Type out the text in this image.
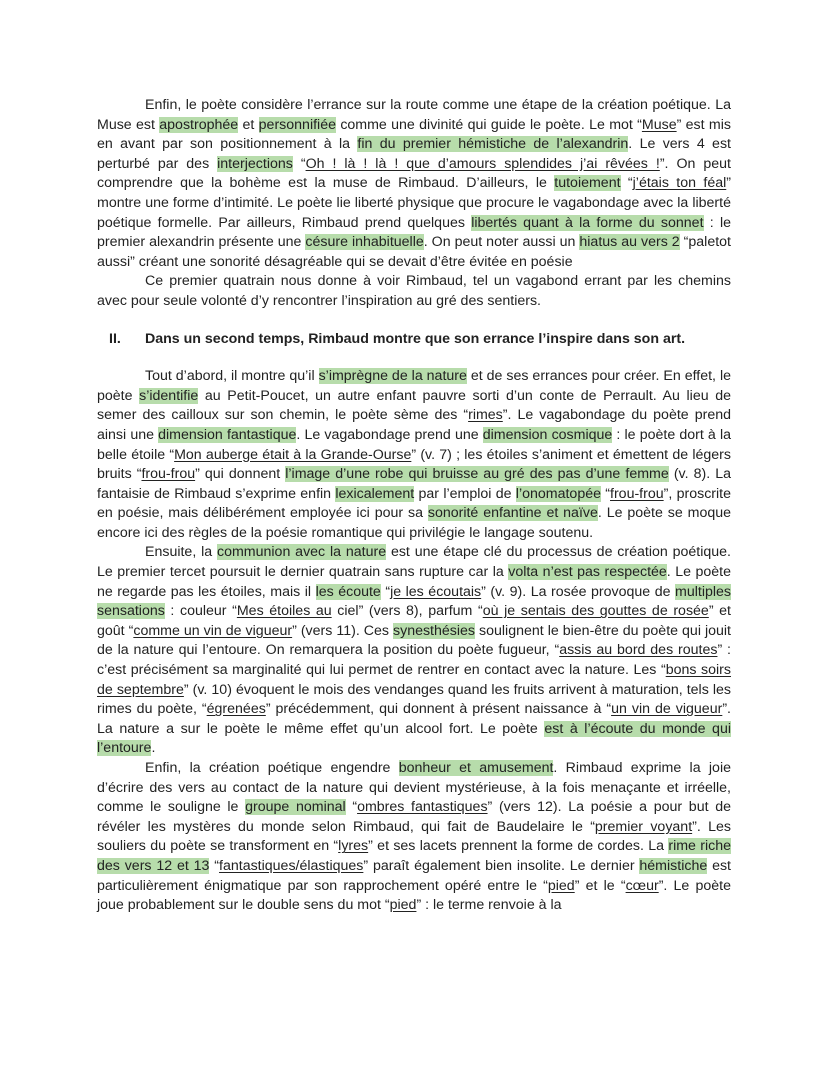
Enfin, le poète considère l’errance sur la route comme une étape de la création poétique. La Muse est apostrophée et personnifiée comme une divinité qui guide le poète. Le mot “Muse” est mis en avant par son positionnement à la fin du premier hémistiche de l’alexandrin. Le vers 4 est perturbé par des interjections “Oh ! là ! là ! que d’amours splendides j’ai rêvées !”. On peut comprendre que la bohème est la muse de Rimbaud. D’ailleurs, le tutoiement “j’étais ton féal” montre une forme d’intimité. Le poète lie liberté physique que procure le vagabondage avec la liberté poétique formelle. Par ailleurs, Rimbaud prend quelques libertés quant à la forme du sonnet : le premier alexandrin présente une césure inhabituelle. On peut noter aussi un hiatus au vers 2 “paletot aussi” créant une sonorité désagréable qui se devait d’être évitée en poésie

Ce premier quatrain nous donne à voir Rimbaud, tel un vagabond errant par les chemins avec pour seule volonté d’y rencontrer l’inspiration au gré des sentiers.

II.	Dans un second temps, Rimbaud montre que son errance l’inspire dans son art.

Tout d’abord, il montre qu’il s’imprègne de la nature et de ses errances pour créer. En effet, le poète s’identifie au Petit-Poucet, un autre enfant pauvre sorti d’un conte de Perrault. Au lieu de semer des cailloux sur son chemin, le poète sème des “rimes”. Le vagabondage du poète prend ainsi une dimension fantastique. Le vagabondage prend une dimension cosmique : le poète dort à la belle étoile “Mon auberge était à la Grande-Ourse” (v. 7) ; les étoiles s’animent et émettent de légers bruits “frou-frou” qui donnent l’image d’une robe qui bruisse au gré des pas d’une femme (v. 8). La fantaisie de Rimbaud s’exprime enfin lexicalement par l’emploi de l’onomatopée “frou-frou”, proscrite en poésie, mais délibérément employée ici pour sa sonorité enfantine et naïve. Le poète se moque encore ici des règles de la poésie romantique qui privilégie le langage soutenu.

Ensuite, la communion avec la nature est une étape clé du processus de création poétique. Le premier tercet poursuit le dernier quatrain sans rupture car la volta n’est pas respectée. Le poète ne regarde pas les étoiles, mais il les écoute “je les écoutais” (v. 9). La rosée provoque de multiples sensations : couleur “Mes étoiles au ciel” (vers 8), parfum “où je sentais des gouttes de rosée” et goût “comme un vin de vigueur” (vers 11). Ces synesthésies soulignent le bien-être du poète qui jouit de la nature qui l’entoure. On remarquera la position du poète fugueur, “assis au bord des routes” : c’est précisément sa marginalité qui lui permet de rentrer en contact avec la nature. Les “bons soirs de septembre” (v. 10) évoquent le mois des vendanges quand les fruits arrivent à maturation, tels les rimes du poète, “égrenées” précédemment, qui donnent à présent naissance à “un vin de vigueur”. La nature a sur le poète le même effet qu’un alcool fort. Le poète est à l’écoute du monde qui l’entoure.

Enfin, la création poétique engendre bonheur et amusement. Rimbaud exprime la joie d’écrire des vers au contact de la nature qui devient mystérieuse, à la fois menaçante et irréelle, comme le souligne le groupe nominal “ombres fantastiques” (vers 12). La poésie a pour but de révéler les mystères du monde selon Rimbaud, qui fait de Baudelaire le “premier voyant”. Les souliers du poète se transforment en “lyres” et ses lacets prennent la forme de cordes. La rime riche des vers 12 et 13 “fantastiques/élastiques” paraît également bien insolite. Le dernier hémistiche est particulièrement énigmatique par son rapprochement opéré entre le “pied” et le “cœur”. Le poète joue probablement sur le double sens du mot “pied” : le terme renvoie à la
